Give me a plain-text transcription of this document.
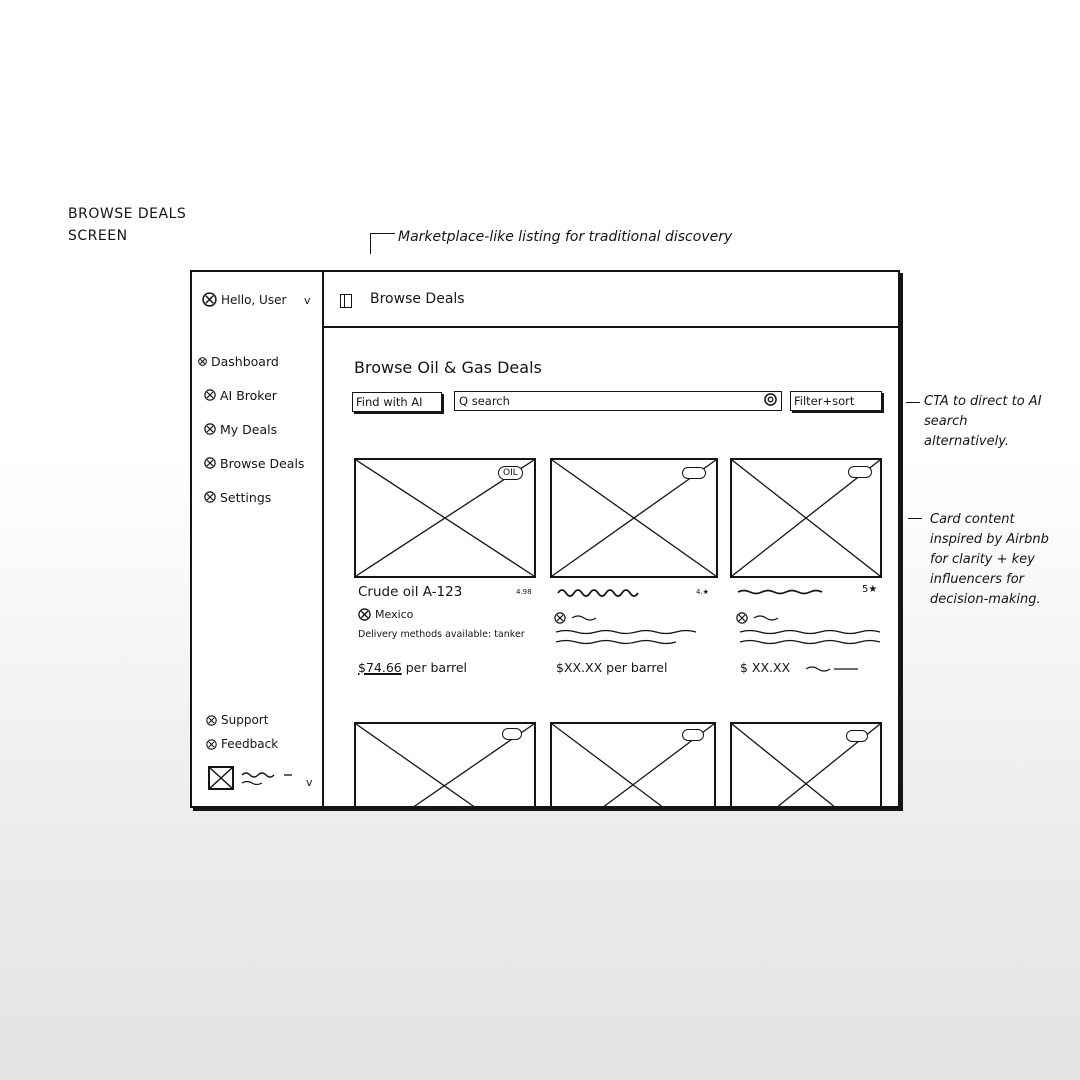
BROWSE DEALS SCREEN	Marketplace-like listing for traditional discovery
Hello, User v
Dashboard
AI Broker
My Deals
Browse Deals
Settings
Support
Feedback
v
Browse Deals
Browse Oil & Gas Deals
Find with AI	Q search	Filter+sort
OIL
Crude oil A-123	4.98
Mexico
Delivery methods available: tanker
$74.66 per barrel
4.★
$XX.XX per barrel
5★
$ XX.XX
CTA to direct to AI search alternatively.
Card content inspired by Airbnb for clarity + key influencers for decision-making.
